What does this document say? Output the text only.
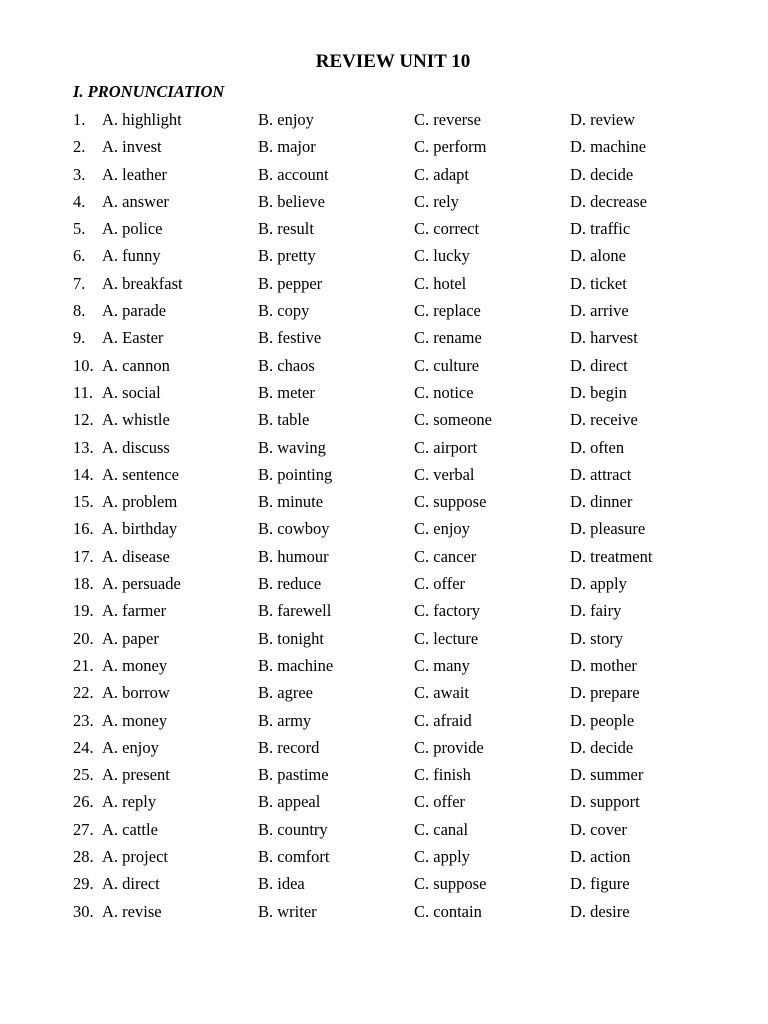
REVIEW UNIT 10
I. PRONUNCIATION
1. A. highlight	B. enjoy	C. reverse	D. review
2. A. invest	B. major	C. perform	D. machine
3. A. leather	B. account	C. adapt	D. decide
4. A. answer	B. believe	C. rely	D. decrease
5. A. police	B. result	C. correct	D. traffic
6. A. funny	B. pretty	C. lucky	D. alone
7. A. breakfast	B. pepper	C. hotel	D. ticket
8. A. parade	B. copy	C. replace	D. arrive
9. A. Easter	B. festive	C. rename	D. harvest
10. A. cannon	B. chaos	C. culture	D. direct
11. A. social	B. meter	C. notice	D. begin
12. A. whistle	B. table	C. someone	D. receive
13. A. discuss	B. waving	C. airport	D. often
14. A. sentence	B. pointing	C. verbal	D. attract
15. A. problem	B. minute	C. suppose	D. dinner
16. A. birthday	B. cowboy	C. enjoy	D. pleasure
17. A. disease	B. humour	C. cancer	D. treatment
18. A. persuade	B. reduce	C. offer	D. apply
19. A. farmer	B. farewell	C. factory	D. fairy
20. A. paper	B. tonight	C. lecture	D. story
21. A. money	B. machine	C. many	D. mother
22. A. borrow	B. agree	C. await	D. prepare
23. A. money	B. army	C. afraid	D. people
24. A. enjoy	B. record	C. provide	D. decide
25. A. present	B. pastime	C. finish	D. summer
26. A. reply	B. appeal	C. offer	D. support
27. A. cattle	B. country	C. canal	D. cover
28. A. project	B. comfort	C. apply	D. action
29. A. direct	B. idea	C. suppose	D. figure
30. A. revise	B. writer	C. contain	D. desire
